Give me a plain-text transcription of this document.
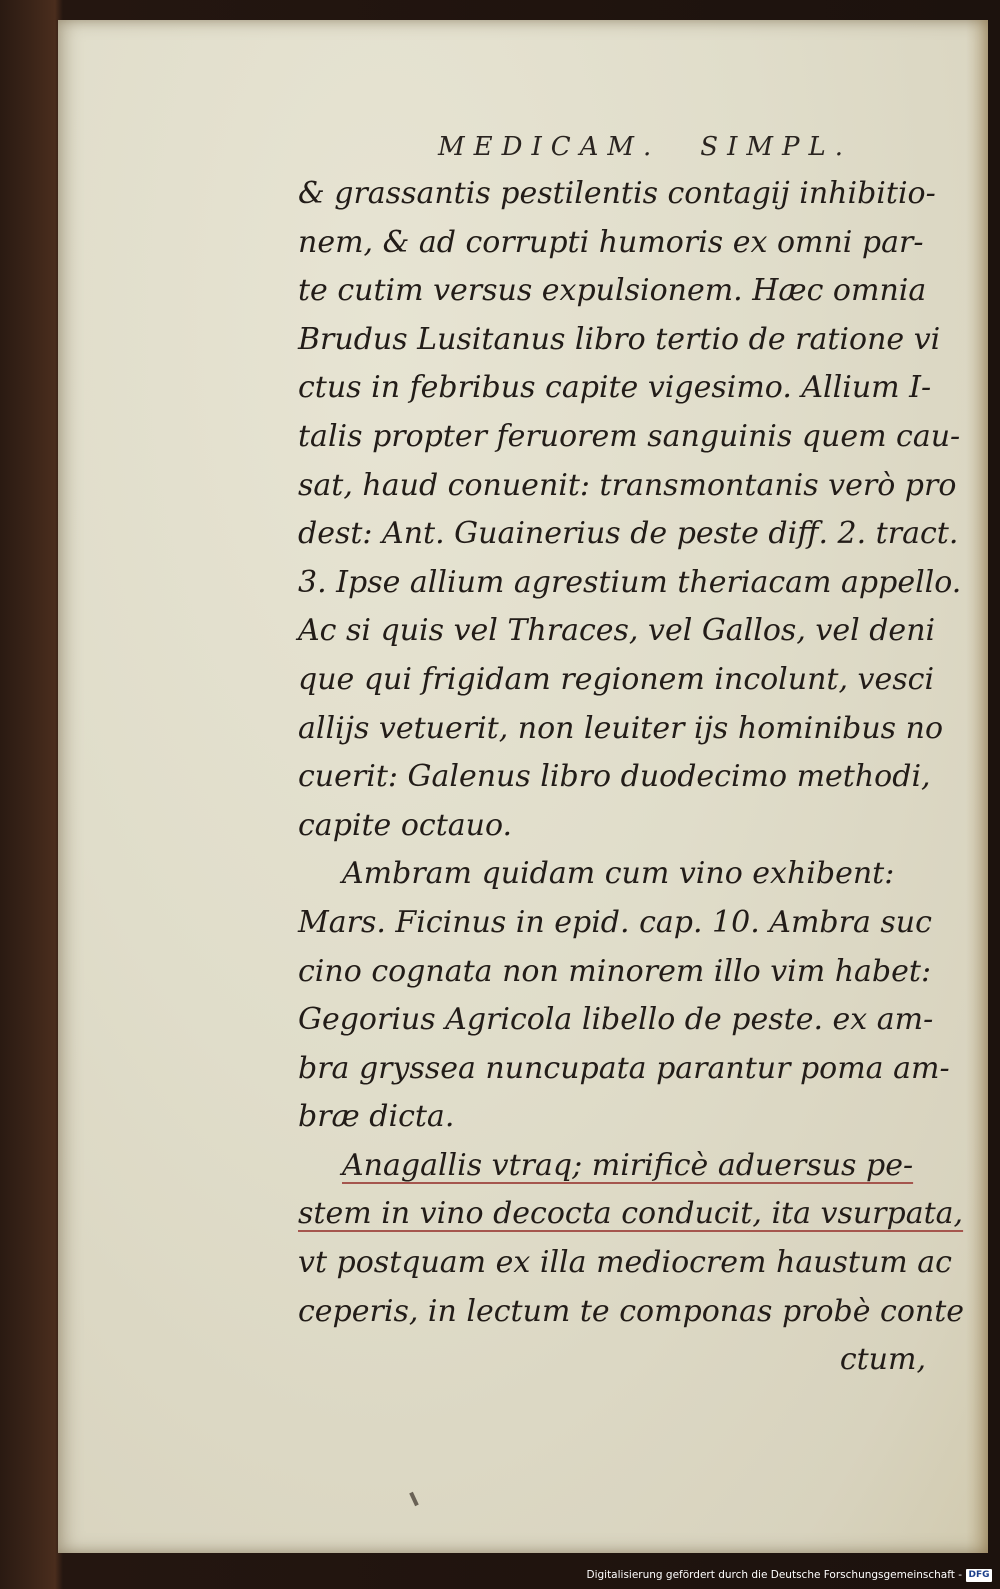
MEDICAM. SIMPL.
& grassantis pestilentis contagij inhibitio-
nem, & ad corrupti humoris ex omni par-
te cutim versus expulsionem. Hæc omnia
Brudus Lusitanus libro tertio de ratione vi
ctus in febribus capite vigesimo. Allium I-
talis propter feruorem sanguinis quem cau-
sat, haud conuenit: transmontanis verò pro
dest: Ant. Guainerius de peste diff. 2. tract.
3. Ipse allium agrestium theriacam appello.
Ac si quis vel Thraces, vel Gallos, vel deni
que qui frigidam regionem incolunt, vesci
allijs vetuerit, non leuiter ijs hominibus no
cuerit: Galenus libro duodecimo methodi,
capite octauo.
Ambram quidam cum vino exhibent:
Mars. Ficinus in epid. cap. 10. Ambra suc
cino cognata non minorem illo vim habet:
Gegorius Agricola libello de peste. ex am-
bra gryssea nuncupata parantur poma am-
bræ dicta.
Anagallis vtraq; mirificè aduersus pe-
stem in vino decocta conducit, ita vsurpata,
vt postquam ex illa mediocrem haustum ac
ceperis, in lectum te componas probè conte
ctum,
Digitalisierung gefördert durch die Deutsche Forschungsgemeinschaft - DFG
